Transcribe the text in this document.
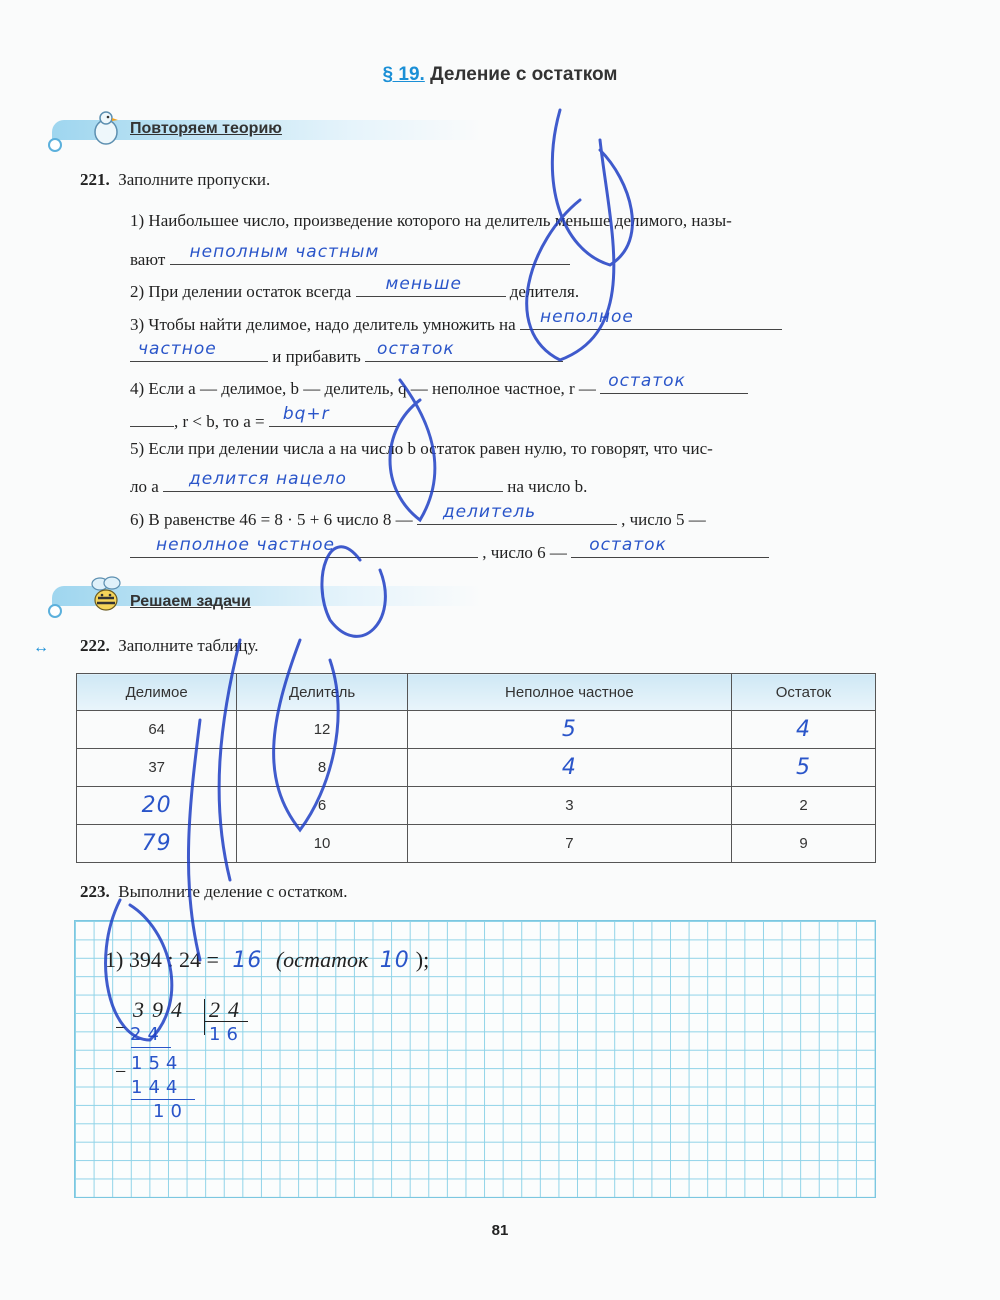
§ 19. Деление с остатком
Повторяем теорию
221. Заполните пропуски.
1) Наибольшее число, произведение которого на делитель меньше делимого, назы-
вают неполным частным
2) При делении остаток всегда меньше	делителя.
3) Чтобы найти делимое, надо делитель умножить на неполное
частное	и прибавить остаток
4) Если a — делимое, b — делитель, q — неполное частное, r — остаток
, r < b, то a = bq+r
5) Если при делении числа a на число b остаток равен нулю, то говорят, что чис-
ло a делится нацело	на число b.
6) В равенстве 46 = 8 · 5 + 6 число 8 — делитель	, число 5 —
неполное частное	, число 6 — остаток
Решаем задачи
↔ 222. Заполните таблицу.
Делимое	Делитель	Неполное частное	Остаток
64	12	5	4
37	8	4	5
20	6	3	2
79	10	7	9
223. Выполните деление с остатком.
1) 394 : 24 = 16 (остаток 10 );
394 24
− 24 16
− 154
144
10
81
